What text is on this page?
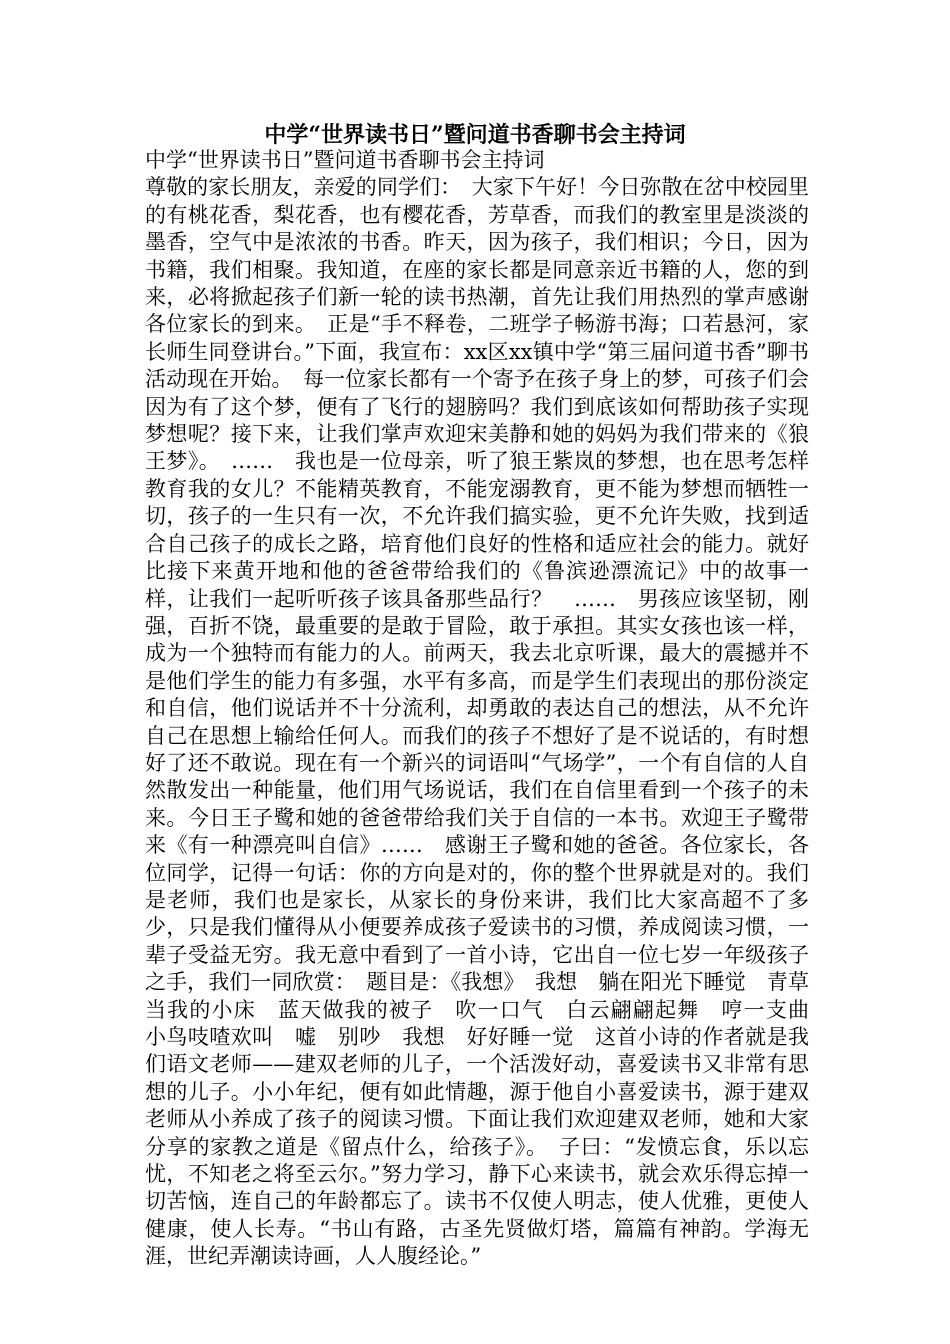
中学“世界读书日”暨问道书香聊书会主持词
中学“世界读书日”暨问道书香聊书会主持词
尊敬的家长朋友，亲爱的同学们：　大家下午好！今日弥散在岔中校园里的有桃花香，梨花香，也有樱花香，芳草香，而我们的教室里是淡淡的墨香，空气中是浓浓的书香。昨天，因为孩子，我们相识；今日，因为书籍，我们相聚。我知道，在座的家长都是同意亲近书籍的人，您的到来，必将掀起孩子们新一轮的读书热潮，首先让我们用热烈的掌声感谢各位家长的到来。　正是“手不释卷，二班学子畅游书海；口若悬河，家长师生同登讲台。”下面，我宣布：xx区xx镇中学“第三届问道书香”聊书活动现在开始。　每一位家长都有一个寄予在孩子身上的梦，可孩子们会因为有了这个梦，便有了飞行的翅膀吗？我们到底该如何帮助孩子实现梦想呢？接下来，让我们掌声欢迎宋美静和她的妈妈为我们带来的《狼王梦》。　……　我也是一位母亲，听了狼王紫岚的梦想，也在思考怎样教育我的女儿？不能精英教育，不能宠溺教育，更不能为梦想而牺牲一切，孩子的一生只有一次，不允许我们搞实验，更不允许失败，找到适合自己孩子的成长之路，培育他们良好的性格和适应社会的能力。就好比接下来黄开地和他的爸爸带给我们的《鲁滨逊漂流记》中的故事一样，让我们一起听听孩子该具备那些品行？　……　男孩应该坚韧，刚强，百折不饶，最重要的是敢于冒险，敢于承担。其实女孩也该一样，成为一个独特而有能力的人。前两天，我去北京听课，最大的震撼并不是他们学生的能力有多强，水平有多高，而是学生们表现出的那份淡定和自信，他们说话并不十分流利，却勇敢的表达自己的想法，从不允许自己在思想上输给任何人。而我们的孩子不想好了是不说话的，有时想好了还不敢说。现在有一个新兴的词语叫“气场学”，一个有自信的人自然散发出一种能量，他们用气场说话，我们在自信里看到一个孩子的未来。今日王子鹭和她的爸爸带给我们关于自信的一本书。欢迎王子鹭带来《有一种漂亮叫自信》……　感谢王子鹭和她的爸爸。各位家长，各位同学，记得一句话：你的方向是对的，你的整个世界就是对的。我们是老师，我们也是家长，从家长的身份来讲，我们比大家高超不了多少，只是我们懂得从小便要养成孩子爱读书的习惯，养成阅读习惯，一辈子受益无穷。我无意中看到了一首小诗，它出自一位七岁一年级孩子之手，我们一同欣赏：　题目是：《我想》　我想　躺在阳光下睡觉　青草当我的小床　蓝天做我的被子　吹一口气　白云翩翩起舞　哼一支曲　小鸟吱喳欢叫　嘘　别吵　我想　好好睡一觉　这首小诗的作者就是我们语文老师——建双老师的儿子，一个活泼好动，喜爱读书又非常有思想的儿子。小小年纪，便有如此情趣，源于他自小喜爱读书，源于建双老师从小养成了孩子的阅读习惯。下面让我们欢迎建双老师，她和大家分享的家教之道是《留点什么，给孩子》。　子曰：“发愤忘食，乐以忘忧，不知老之将至云尔。”努力学习，静下心来读书，就会欢乐得忘掉一切苦恼，连自己的年龄都忘了。读书不仅使人明志，使人优雅，更使人健康，使人长寿。“书山有路，古圣先贤做灯塔，篇篇有神韵。学海无涯，世纪弄潮读诗画，人人腹经论。”
